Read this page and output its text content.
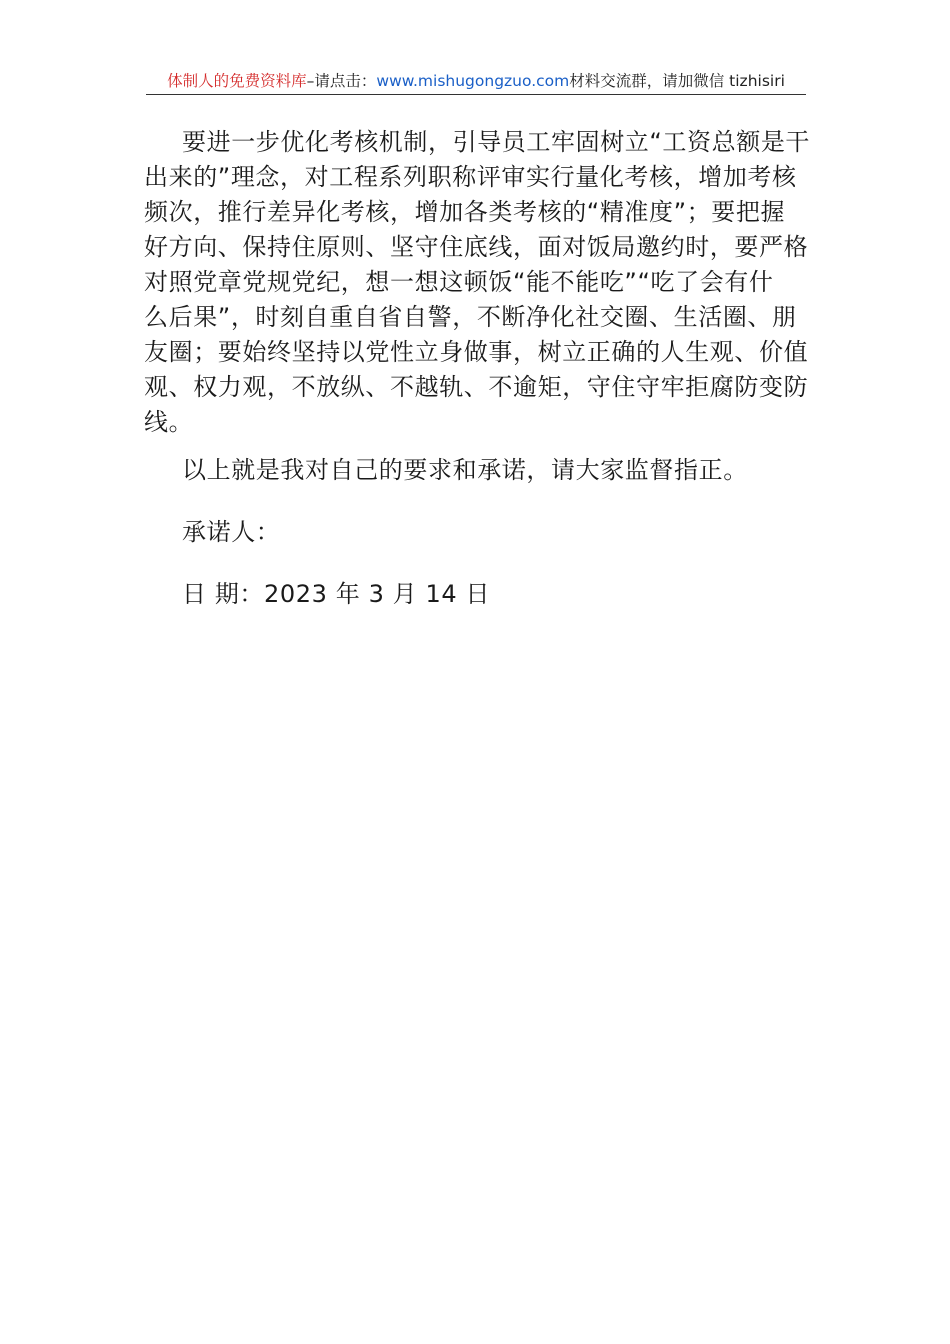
体制人的免费资料库–请点击：www.mishugongzuo.com材料交流群，请加微信 tizhisiri
要进一步优化考核机制，引导员工牢固树立“工资总额是干
出来的”理念，对工程系列职称评审实行量化考核，增加考核
频次，推行差异化考核，增加各类考核的“精准度”；要把握
好方向、保持住原则、坚守住底线，面对饭局邀约时，要严格
对照党章党规党纪，想一想这顿饭“能不能吃”“吃了会有什
么后果”，时刻自重自省自警，不断净化社交圈、生活圈、朋
友圈；要始终坚持以党性立身做事，树立正确的人生观、价值
观、权力观，不放纵、不越轨、不逾矩，守住守牢拒腐防变防
线。

以上就是我对自己的要求和承诺，请大家监督指正。

承诺人：

日 期：2023 年 3 月 14 日
